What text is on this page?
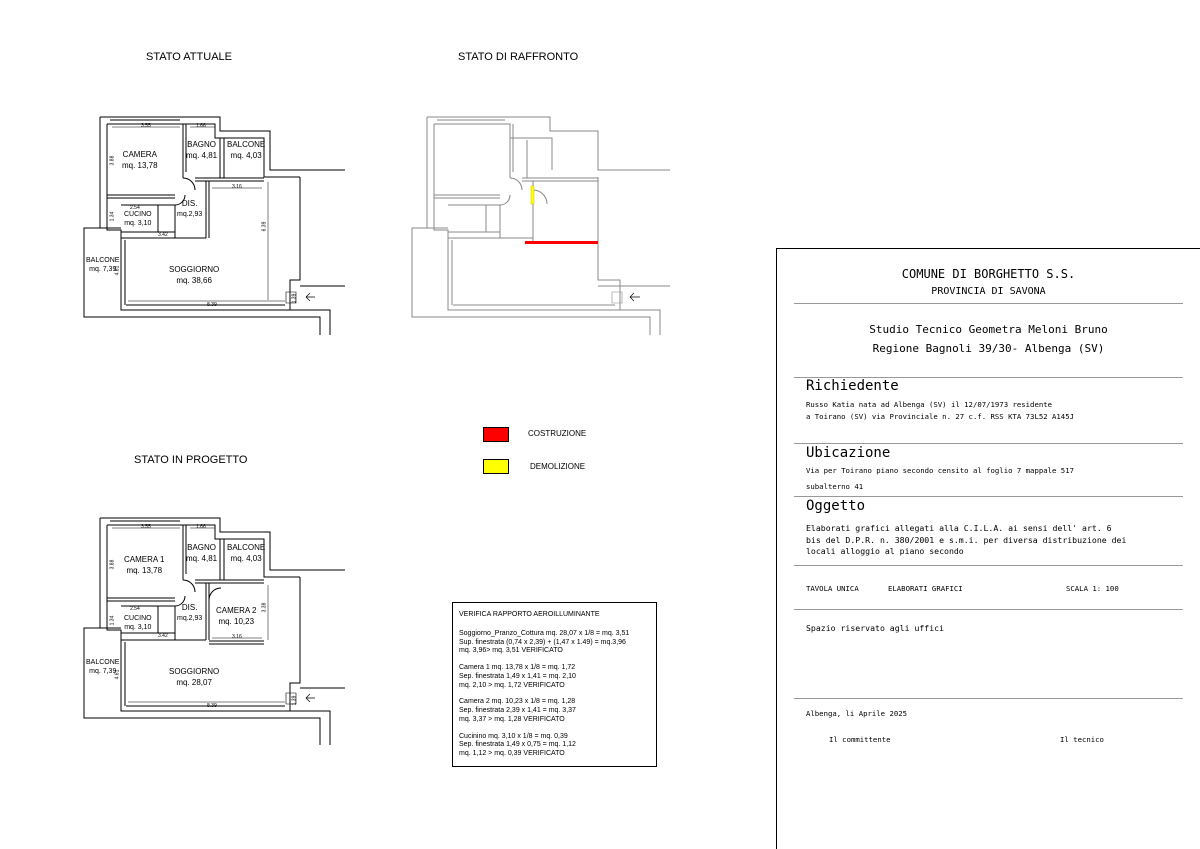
STATO ATTUALE	STATO DI RAFFRONTO
STATO IN PROGETTO
CAMERA
mq. 13,78
BAGNO
mq. 4,81
BALCONE
mq. 4,03
DIS.
mq.2,93
CUCINO
mq. 3,10
BALCONE
mq. 7,39	SOGGIORNO
mq. 38,66
3.55	1.66
3.16
2.54
3.42
8.39
3.88
1.34
4.61
6.39
1.39
CAMERA 1
mq. 13,78
BAGNO
mq. 4,81
BALCONE
mq. 4,03
DIS.
mq.2,93
CAMERA 2
mq. 10,23
CUCINO
mq. 3,10
BALCONE
mq. 7,39	SOGGIORNO
mq. 28,07
3.55	1.66
3.16
2.54
3.42
8.39
3.88
1.34
4.61
3.38
1.39
COSTRUZIONE
DEMOLIZIONE
VERIFICA RAPPORTO AEROILLUMINANTE
Soggiorno_Pranzo_Cottura mq. 28,07 x 1/8 = mq. 3,51
Sup. finestrata (0,74 x 2,39) + (1,47 x 1.49) = mq.3,96
mq. 3,96> mq. 3,51 VERIFICATO
Camera 1 mq. 13,78 x 1/8 = mq. 1,72
Sep. finestrata 1,49 x 1,41 = mq. 2,10
mq. 2,10 > mq. 1,72 VERIFICATO
Camera 2 mq. 10,23 x 1/8 = mq. 1,28
Sep. finestrata 2,39 x 1,41 = mq. 3,37
mq. 3,37 > mq. 1,28 VERIFICATO
Cucinino mq. 3,10 x 1/8 = mq. 0,39
Sep. finestrata 1,49 x 0,75 = mq. 1,12
mq. 1,12 > mq. 0,39 VERIFICATO
COMUNE DI BORGHETTO S.S.
PROVINCIA DI SAVONA
Studio Tecnico Geometra Meloni Bruno
Regione Bagnoli 39/30- Albenga (SV)
Richiedente
Russo Katia nata ad Albenga (SV) il 12/07/1973 residente
a Toirano (SV) via Provinciale n. 27 c.f. RSS KTA 73L52 A145J
Ubicazione
Via per Toirano piano secondo censito al foglio 7 mappale 517
subalterno 41
Oggetto
Elaborati grafici allegati alla C.I.L.A. ai sensi dell' art. 6
bis del D.P.R. n. 380/2001 e s.m.i. per diversa distribuzione dei
locali alloggio al piano secondo
TAVOLA UNICA	ELABORATI GRAFICI	SCALA 1: 100
Spazio riservato agli uffici
Albenga, li Aprile 2025
Il committente	Il tecnico
